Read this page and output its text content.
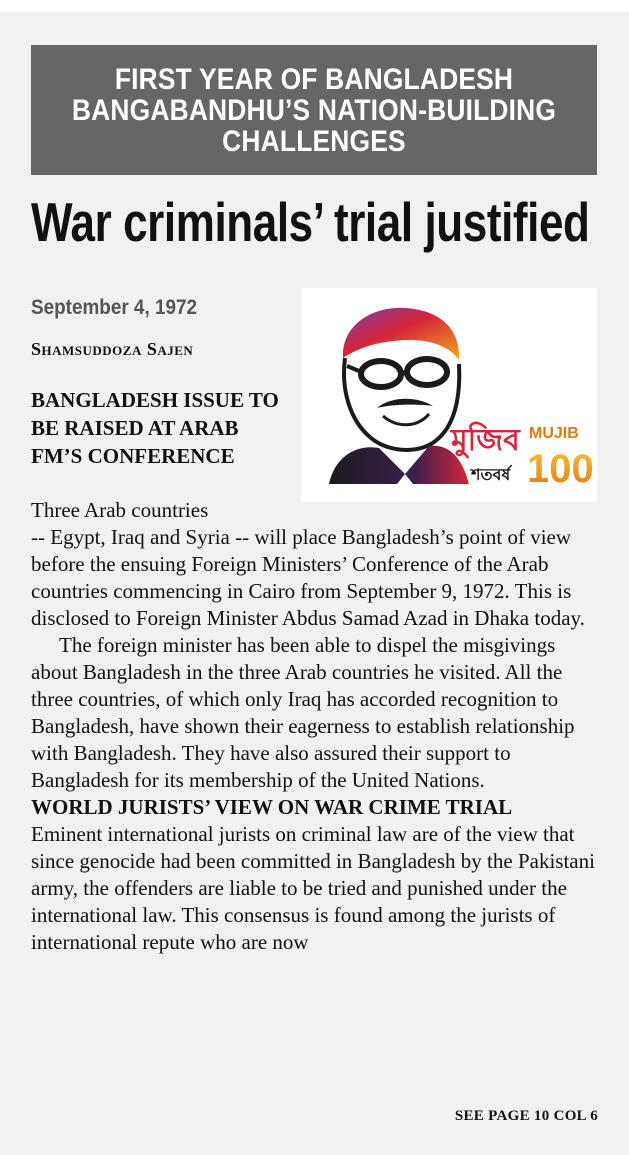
FIRST YEAR OF BANGLADESH
BANGABANDHU’S NATION-BUILDING
CHALLENGES
War criminals’ trial justified
September 4, 1972
Shamsuddoza Sajen
মুজিব
শতবর্ষ
MUJIB
100
BANGLADESH ISSUE TO BE RAISED AT ARAB FM’S CONFERENCE
Three Arab countries

-- Egypt, Iraq and Syria -- will place Bangladesh’s point of view before the ensuing Foreign Ministers’ Conference of the Arab countries commencing in Cairo from September 9, 1972. This is disclosed to Foreign Minister Abdus Samad Azad in Dhaka today.

The foreign minister has been able to dispel the misgivings about Bangladesh in the three Arab countries he visited. All the three countries, of which only Iraq has accorded recognition to Bangladesh, have shown their eagerness to establish relationship with Bangladesh. They have also assured their support to Bangladesh for its membership of the United Nations.

WORLD JURISTS’ VIEW ON WAR CRIME TRIAL

Eminent international jurists on criminal law are of the view that since genocide had been committed in Bangladesh by the Pakistani army, the offenders are liable to be tried and punished under the international law. This consensus is found among the jurists of international repute who are now

SEE PAGE 10 COL 6
